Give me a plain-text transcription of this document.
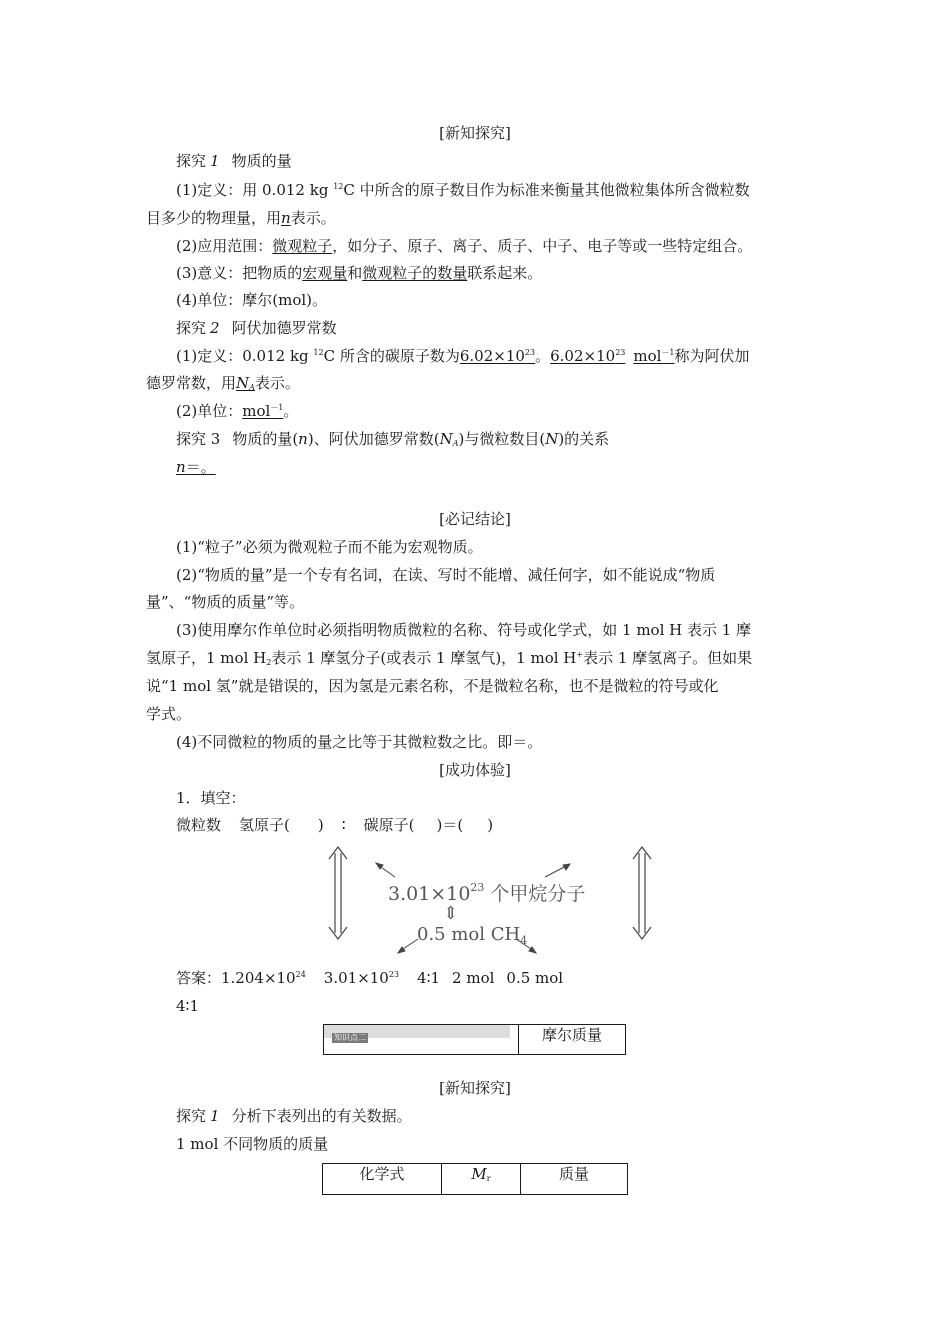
[新知探究]
探究 1 物质的量
(1)定义：用 0.012 kg $^{12}$C 中所含的原子数目作为标准来衡量其他微粒集体所含微粒数
目多少的物理量，用n表示。
(2)应用范围：微观粒子，如分子、原子、离子、质子、中子、电子等或一些特定组合。
(3)意义：把物质的宏观量和微观粒子的数量联系起来。
(4)单位：摩尔(mol)。
探究 2 阿伏加德罗常数
(1)定义：0.012 kg $^{12}$C 所含的碳原子数为$6.02\times 10^{23}$。$6.02\times 10^{23}$ mol$^{-1}$称为阿伏加
德罗常数，用$N_A$表示。
(2)单位：mol$^{-1}$。
探究 3 物质的量(n)、阿伏加德罗常数$(N_A)$与微粒数目(N)的关系
n＝。
[必记结论]
(1)“粒子”必须为微观粒子而不能为宏观物质。
(2)“物质的量”是一个专有名词，在读、写时不能增、减任何字，如不能说成“物质
量”、“物质的质量”等。
(3)使用摩尔作单位时必须指明物质微粒的名称、符号或化学式，如 1 mol H 表示 1 摩
氢原子，1 mol $H_2$表示 1 摩氢分子(或表示 1 摩氢气)，1 mol H+表示 1 摩氢离子。但如果
说“1 mol 氢”就是错误的，因为氢是元素名称，不是微粒名称，也不是微粒的符号或化
学式。
(4)不同微粒的物质的量之比等于其微粒数之比。即＝。
[成功体验]
1．填空：
微粒数 氢原子( ) ∶ 碳原子( )＝( )
$3.01\times 10^{23}$ 个甲烷分子
⇕
0.5 mol $CH_4$
答案：$1.204\times 10^{24}$ $3.01\times 10^{23}$ 4∶1 2 mol 0.5 mol
4∶1
知识点二	摩尔质量
[新知探究]
探究 1 分析下表列出的有关数据。
1 mol 不同物质的质量
化学式	$M_r$	质量
